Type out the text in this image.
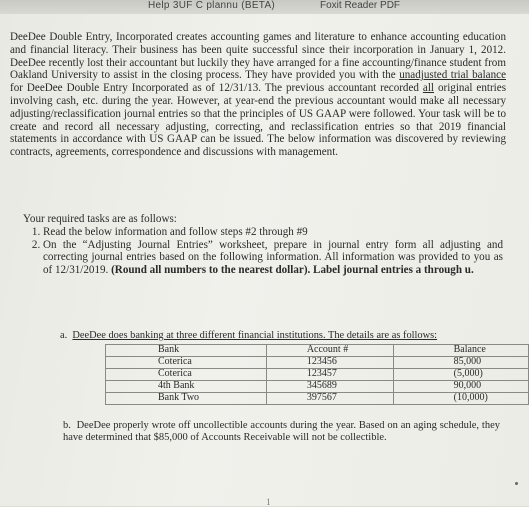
Help 3UF C plannu (BETA)	Foxit Reader PDF

DeeDee Double Entry, Incorporated creates accounting games and literature to enhance accounting education and financial literacy. Their business has been quite successful since their incorporation in January 1, 2012. DeeDee recently lost their accountant but luckily they have arranged for a fine accounting/finance student from Oakland University to assist in the closing process. They have provided you with the unadjusted trial balance for DeeDee Double Entry Incorporated as of 12/31/13. The previous accountant recorded all original entries involving cash, etc. during the year. However, at year-end the previous accountant would make all necessary adjusting/reclassification journal entries so that the principles of US GAAP were followed. Your task will be to create and record all necessary adjusting, correcting, and reclassification entries so that 2019 financial statements in accordance with US GAAP can be issued. The below information was discovered by reviewing contracts, agreements, correspondence and discussions with management.

Your required tasks are as follows:

1. Read the below information and follow steps #2 through #9
2. On the “Adjusting Journal Entries” worksheet, prepare in journal entry form all adjusting and correcting journal entries based on the following information. All information was provided to you as of 12/31/2019. (Round all numbers to the nearest dollar). Label journal entries a through u.
a. DeeDee does banking at three different financial institutions. The details are as follows:
Bank	Account #	Balance
Coterica	123456	85,000
Coterica	123457	(5,000)
4th Bank	345689	90,000
Bank Two	397567	(10,000)
b. DeeDee properly wrote off uncollectible accounts during the year. Based on an aging schedule, they have determined that $85,000 of Accounts Receivable will not be collectible.
1
